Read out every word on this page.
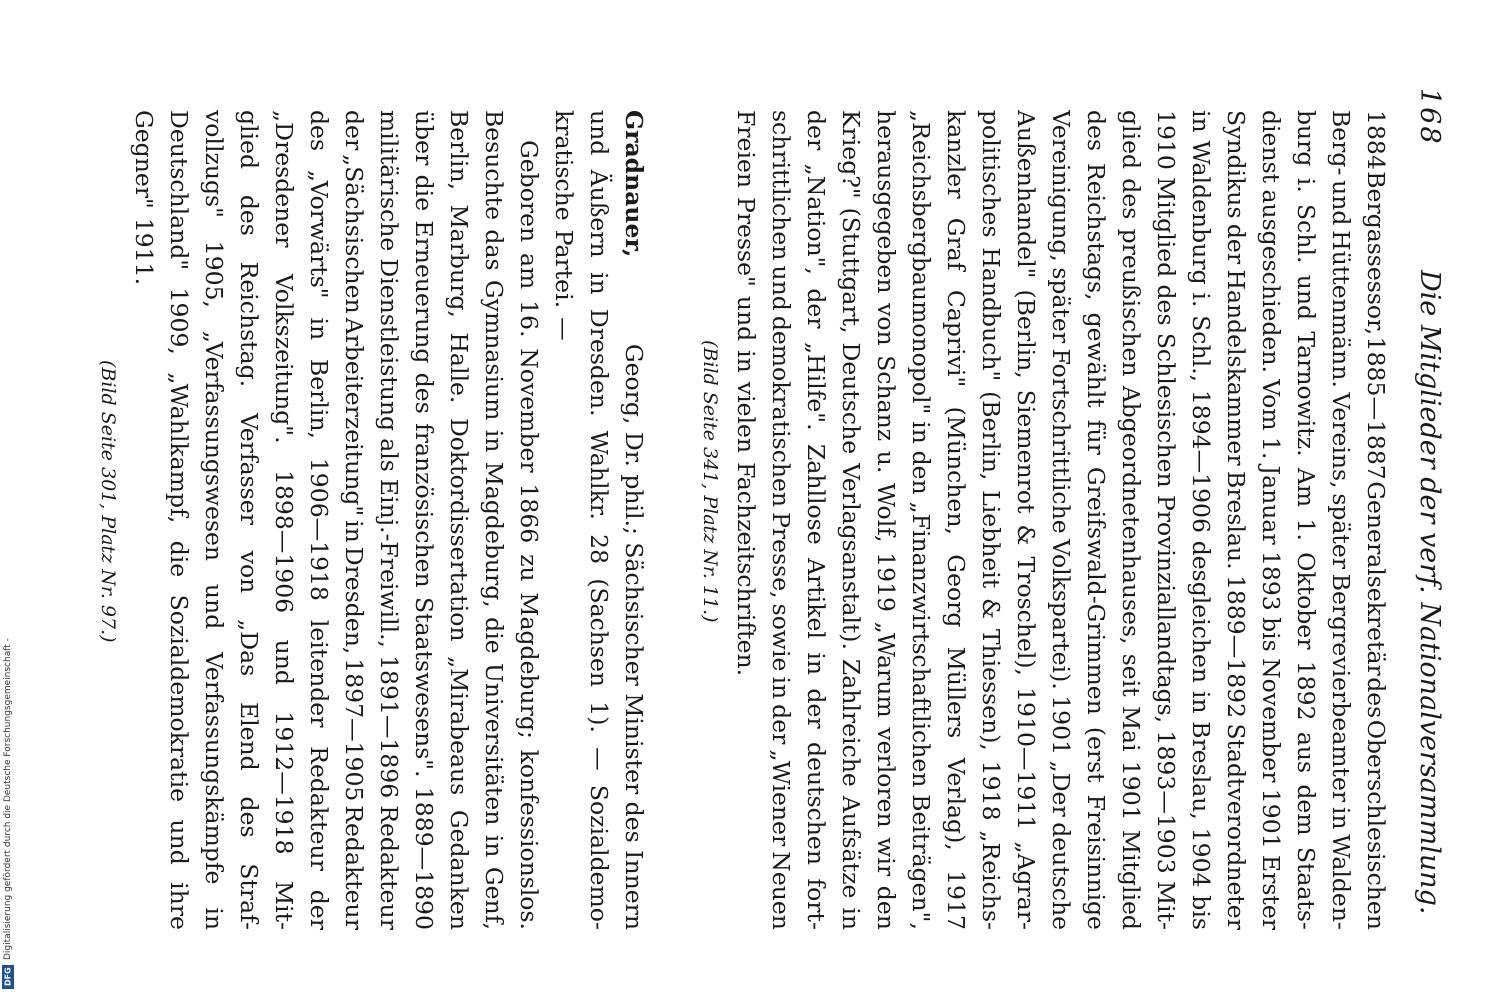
168
Die Mitglieder der verf. Nationalversammlung.
1884
Bergassessor,
1885—1887
Generalsekretär
des
Oberschlesischen
Berg-
und
Hüttenmänn.
Vereins,
später
Bergrevierbeamter
in
Walden-
burg
i.
Schl.
und
Tarnowitz.
Am
1.
Oktober
1892
aus
dem
Staats-
dienst
ausgeschieden.
Vom
1.
Januar
1893
bis
November
1901
Erster
Syndikus
der
Handelskammer
Breslau.
1889—1892
Stadtverordneter
in
Waldenburg
i.
Schl.,
1894—1906
desgleichen
in
Breslau,
1904
bis
1910
Mitglied
des
Schlesischen
Provinziallandtags,
1893—1903
Mit-
glied
des
preußischen
Abgeordnetenhauses,
seit
Mai
1901
Mitglied
des
Reichstags,
gewählt
für
Greifswald-Grimmen
(erst
Freisinnige
Vereinigung,
später
Fortschrittliche
Volkspartei).
1901
„Der
deutsche
Außenhandel"
(Berlin,
Siemenrot
&
Troschel),
1910—1911
„Agrar-
politisches
Handbuch"
(Berlin,
Liebheit
&
Thiessen),
1918
„Reichs-
kanzler
Graf
Caprivi"
(München,
Georg
Müllers
Verlag),
1917
„Reichsbergbaumonopol"
in
den
„Finanzwirtschaftlichen
Beiträgen",
herausgegeben
von
Schanz
u.
Wolf,
1919
„Warum
verloren
wir
den
Krieg?"
(Stuttgart,
Deutsche
Verlagsanstalt).
Zahlreiche
Aufsätze
in
der
„Nation",
der
„Hilfe".
Zahllose
Artikel
in
der
deutschen
fort-
schrittlichen
und
demokratischen
Presse,
sowie
in
der
„Wiener
Neuen
Freien
Presse"
und
in
vielen
Fachzeitschriften.
(Bild Seite 341, Platz Nr. 11.)
Gradnauer,
Georg, Dr. phil.; Sächsischer Minister des Innern
und
Äußern
in
Dresden.
Wahlkr.
28
(Sachsen
1).
—
Sozialdemo-
kratische
Partei.
—
Geboren
am
16.
November
1866
zu
Magdeburg;
konfessionslos.
Besuchte
das
Gymnasium
in
Magdeburg,
die
Universitäten
in
Genf,
Berlin,
Marburg,
Halle.
Doktordissertation
„Mirabeaus
Gedanken
über
die
Erneuerung
des
französischen
Staatswesens".
1889—1890
militärische
Dienstleistung
als
Einj.-Freiwill.,
1891—1896
Redakteur
der
„Sächsischen
Arbeiterzeitung"
in
Dresden,
1897—1905
Redakteur
des
„Vorwärts"
in
Berlin,
1906—1918
leitender
Redakteur
der
„Dresdener
Volkszeitung".
1898—1906
und
1912—1918
Mit-
glied
des
Reichstag.
Verfasser
von
„Das
Elend
des
Straf-
vollzugs"
1905,
„Verfassungswesen
und
Verfassungskämpfe
in
Deutschland"
1909,
„Wahlkampf,
die
Sozialdemokratie
und
ihre
Gegner"
1911.
(Bild Seite 301, Platz Nr. 97.)
Digitalisierung gefördert durch die Deutsche Forschungsgemeinschaft -
DFG
